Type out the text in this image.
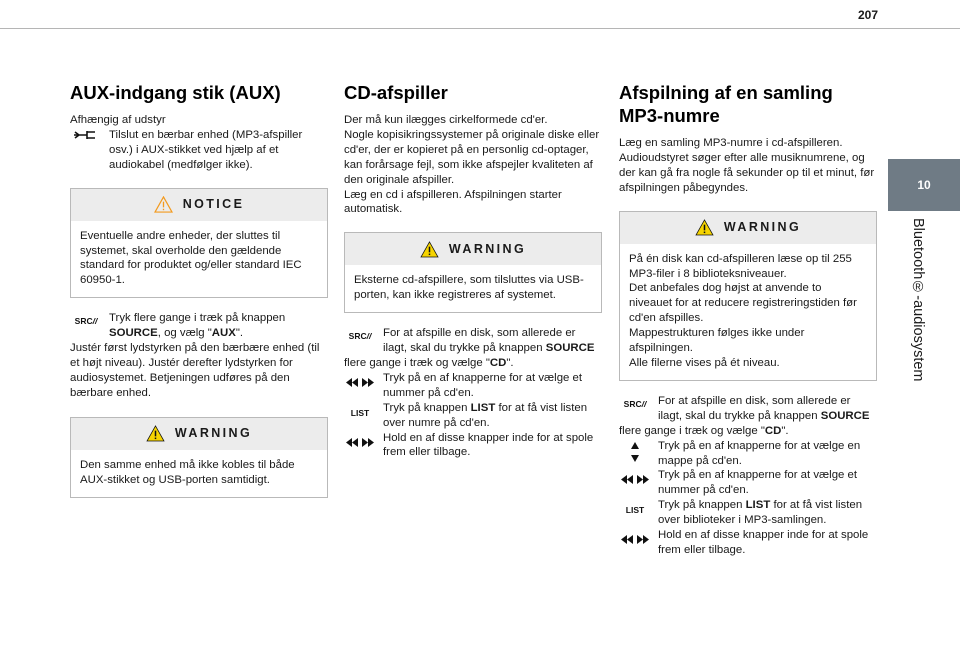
207
10
Bluetooth®-audiosystem
AUX-indgang stik (AUX)

Afhængig af udstyr

Tilslut en bærbar enhed (MP3-afspiller osv.) i AUX-stikket ved hjælp af et audiokabel (medfølger ikke).

NOTICE

Eventuelle andre enheder, der sluttes til systemet, skal overholde den gældende standard for produktet og/eller standard IEC 60950-1.

SRC//	Tryk flere gange i træk på knappen SOURCE, og vælg "AUX".

Justér først lydstyrken på den bærbære enhed (til et højt niveau). Justér derefter lydstyrken for audiosystemet. Betjeningen udføres på den bærbare enhed.

WARNING

Den samme enhed må ikke kobles til både AUX-stikket og USB-porten samtidigt.

CD-afspiller

Der må kun ilægges cirkelformede cd'er.

Nogle kopisikringssystemer på originale diske eller cd'er, der er kopieret på en personlig cd-optager, kan forårsage fejl, som ikke afspejler kvaliteten af den originale afspiller.

Læg en cd i afspilleren. Afspilningen starter automatisk.

WARNING

Eksterne cd-afspillere, som tilsluttes via USB-porten, kan ikke registreres af systemet.

SRC//	For at afspille en disk, som allerede er ilagt, skal du trykke på knappen SOURCE

flere gange i træk og vælge "CD".

Tryk på en af knapperne for at vælge et nummer på cd'en.

LIST	Tryk på knappen LIST for at få vist listen over numre på cd'en.

Hold en af disse knapper inde for at spole frem eller tilbage.

Afspilning af en samling MP3-numre

Læg en samling MP3-numre i cd-afspilleren.

Audioudstyret søger efter alle musiknumrene, og der kan gå fra nogle få sekunder op til et minut, før afspilningen påbegyndes.

WARNING

På én disk kan cd-afspilleren læse op til 255 MP3-filer i 8 biblioteksniveauer.

Det anbefales dog højst at anvende to niveauet for at reducere registreringstiden før cd'en afspilles.

Mappestrukturen følges ikke under afspilningen.

Alle filerne vises på ét niveau.

SRC//	For at afspille en disk, som allerede er ilagt, skal du trykke på knappen SOURCE

flere gange i træk og vælge "CD".

Tryk på en af knapperne for at vælge en mappe på cd'en.

Tryk på en af knapperne for at vælge et nummer på cd'en.

LIST	Tryk på knappen LIST for at få vist listen over biblioteker i MP3-samlingen.

Hold en af disse knapper inde for at spole frem eller tilbage.
